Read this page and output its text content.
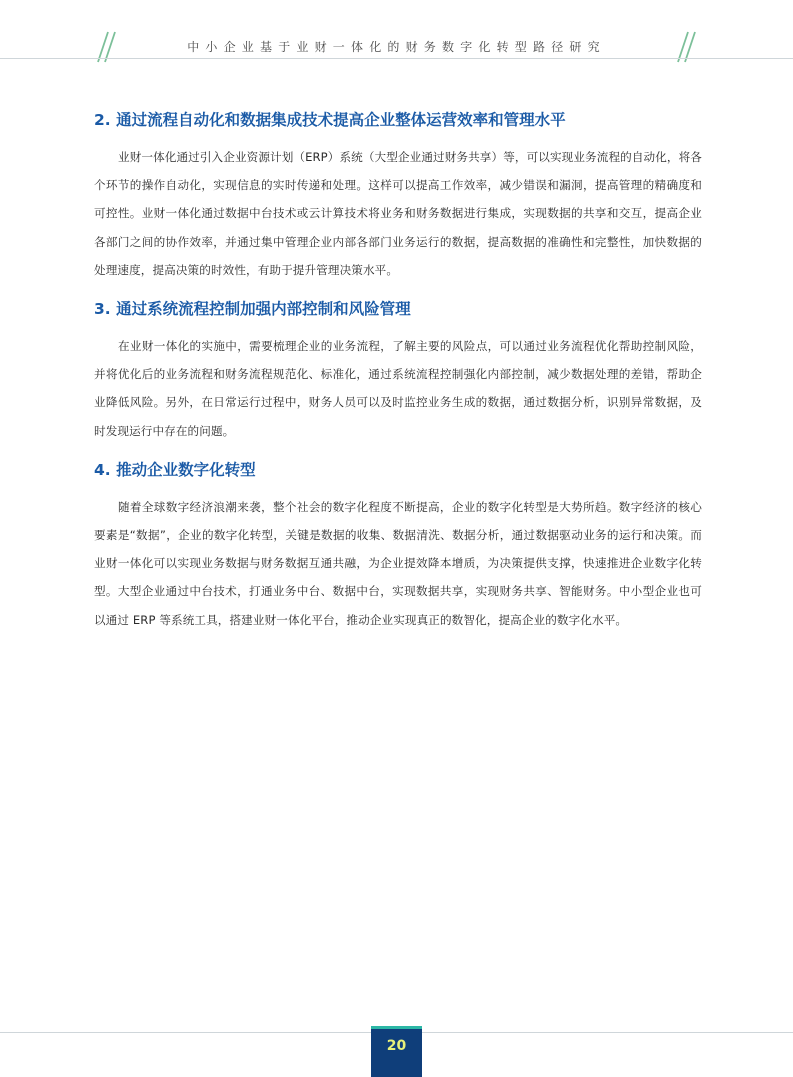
中小企业基于业财一体化的财务数字化转型路径研究
2. 通过流程自动化和数据集成技术提高企业整体运营效率和管理水平

业财一体化通过引入企业资源计划（ERP）系统（大型企业通过财务共享）等，可以实现业务流程的自动化，将各个环节的操作自动化，实现信息的实时传递和处理。这样可以提高工作效率，减少错误和漏洞，提高管理的精确度和可控性。业财一体化通过数据中台技术或云计算技术将业务和财务数据进行集成，实现数据的共享和交互，提高企业各部门之间的协作效率，并通过集中管理企业内部各部门业务运行的数据，提高数据的准确性和完整性，加快数据的处理速度，提高决策的时效性，有助于提升管理决策水平。

3. 通过系统流程控制加强内部控制和风险管理

在业财一体化的实施中，需要梳理企业的业务流程，了解主要的风险点，可以通过业务流程优化帮助控制风险，并将优化后的业务流程和财务流程规范化、标准化，通过系统流程控制强化内部控制，减少数据处理的差错，帮助企业降低风险。另外，在日常运行过程中，财务人员可以及时监控业务生成的数据，通过数据分析，识别异常数据，及时发现运行中存在的问题。

4. 推动企业数字化转型

随着全球数字经济浪潮来袭，整个社会的数字化程度不断提高，企业的数字化转型是大势所趋。数字经济的核心要素是“数据”，企业的数字化转型，关键是数据的收集、数据清洗、数据分析，通过数据驱动业务的运行和决策。而业财一体化可以实现业务数据与财务数据互通共融，为企业提效降本增质，为决策提供支撑，快速推进企业数字化转型。大型企业通过中台技术，打通业务中台、数据中台，实现数据共享，实现财务共享、智能财务。中小型企业也可以通过 ERP 等系统工具，搭建业财一体化平台，推动企业实现真正的数智化，提高企业的数字化水平。

20
